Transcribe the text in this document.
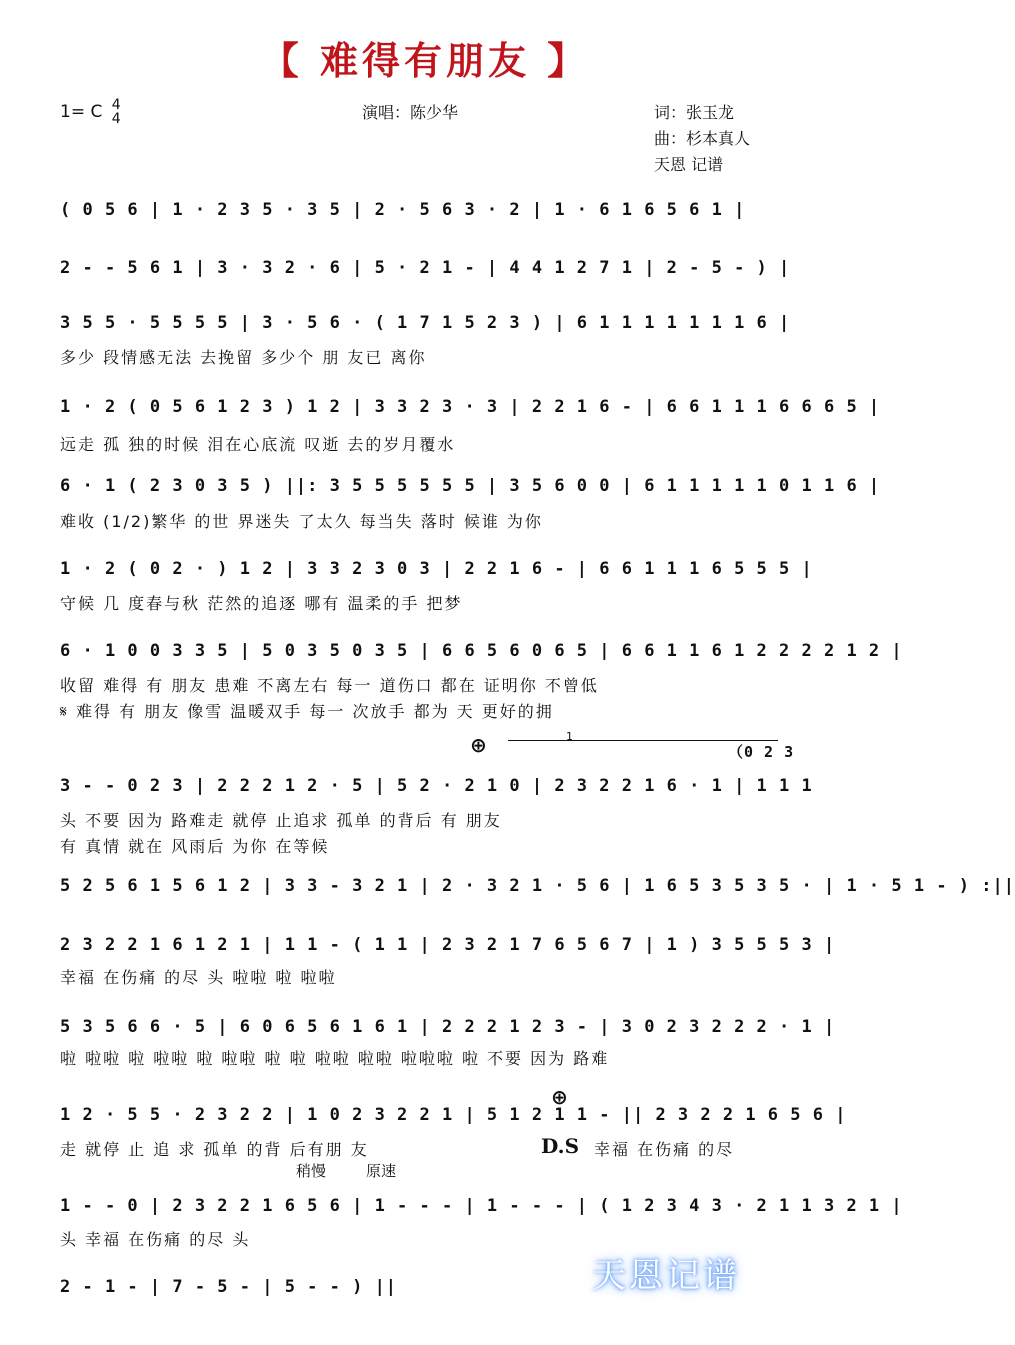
【 难得有朋友 】
1= C 4
4	演唱：陈少华	词：张玉龙
曲：杉本真人
天恩 记谱
( 0 5 6 | 1 · 2 3 5 · 3 5 | 2 · 5 6 3 · 2 | 1 · 6 1 6 5 6 1 |
2 - - 5 6 1 | 3 · 3 2 · 6 | 5 · 2 1 - | 4 4 1 2 7 1 | 2 - 5 - ) |
3 5 5 · 5 5 5 5 | 3 · 5 6 · ( 1 7 1 5 2 3 ) | 6 1 1 1 1 1 1 1 6 |
1 · 2 ( 0 5 6 1 2 3 ) 1 2 | 3 3 2 3 · 3 | 2 2 1 6 - | 6 6 1 1 1 6 6 6 5 |
6 · 1 ( 2 3 0 3 5 ) ||: 3 5 5 5 5 5 5 | 3 5 6 0 0 | 6 1 1 1 1 1 0 1 1 6 |
1 · 2 ( 0 2 · ) 1 2 | 3 3 2 3 0 3 | 2 2 1 6 - | 6 6 1 1 1 6 5 5 5 |
6 · 1 0 0 3 3 5 | 5 0 3 5 0 3 5 | 6 6 5 6 0 6 5 | 6 6 1 1 6 1 2 2 2 2 1 2 |
3 - - 0 2 3 | 2 2 2 1 2 · 5 | 5 2 · 2 1 0 | 2 3 2 2 1 6 · 1 | 1 1 1
5 2 5 6 1 5 6 1 2 | 3 3 - 3 2 1 | 2 · 3 2 1 · 5 6 | 1 6 5 3 5 3 5 · | 1 · 5 1 - ) :||
2 3 2 2 1 6 1 2 1 | 1 1 - ( 1 1 | 2 3 2 1 7 6 5 6 7 | 1 ) 3 5 5 5 3 |
5 3 5 6 6 · 5 | 6 0 6 5 6 1 6 1 | 2 2 2 1 2 3 - | 3 0 2 3 2 2 2 · 1 |
1 2 · 5 5 · 2 3 2 2 | 1 0 2 3 2 2 1 | 5 1 2 1 1 - || 2 3 2 2 1 6 5 6 |
1 - - 0 | 2 3 2 2 1 6 5 6 | 1 - - - | 1 - - - | ( 1 2 3 4 3 · 2 1 1 3 2 1 |
2 - 1 - | 7 - 5 - | 5 - - ) ||
多少 段情感无法 去挽留 多少个 朋 友已 离你
远走 孤 独的时候 泪在心底流 叹逝 去的岁月覆水
难收 (1/2)繁华 的世 界迷失 了太久 每当失 落时 候谁 为你
守候 几 度春与秋 茫然的追逐 哪有 温柔的手 把梦
收留 难得 有 朋友 患难 不离左右 每一 道伤口 都在 证明你 不曾低
𝄋 难得 有 朋友 像雪 温暖双手 每一 次放手 都为 天 更好的拥
头 不要 因为 路难走 就停 止追求 孤单 的背后 有 朋友
有 真情 就在 风雨后 为你 在等候
幸福 在伤痛 的尽 头 啦啦 啦 啦啦
啦 啦啦 啦 啦啦 啦 啦啦 啦 啦 啦啦 啦啦 啦啦啦 啦 不要 因为 路难
走 就停 止 追 求 孤单 的背 后有朋 友
头 幸福 在伤痛 的尽 头
⊕	1
（0 2 3
⊕
D.S 幸福 在伤痛 的尽
稍慢	原速
天恩记谱
